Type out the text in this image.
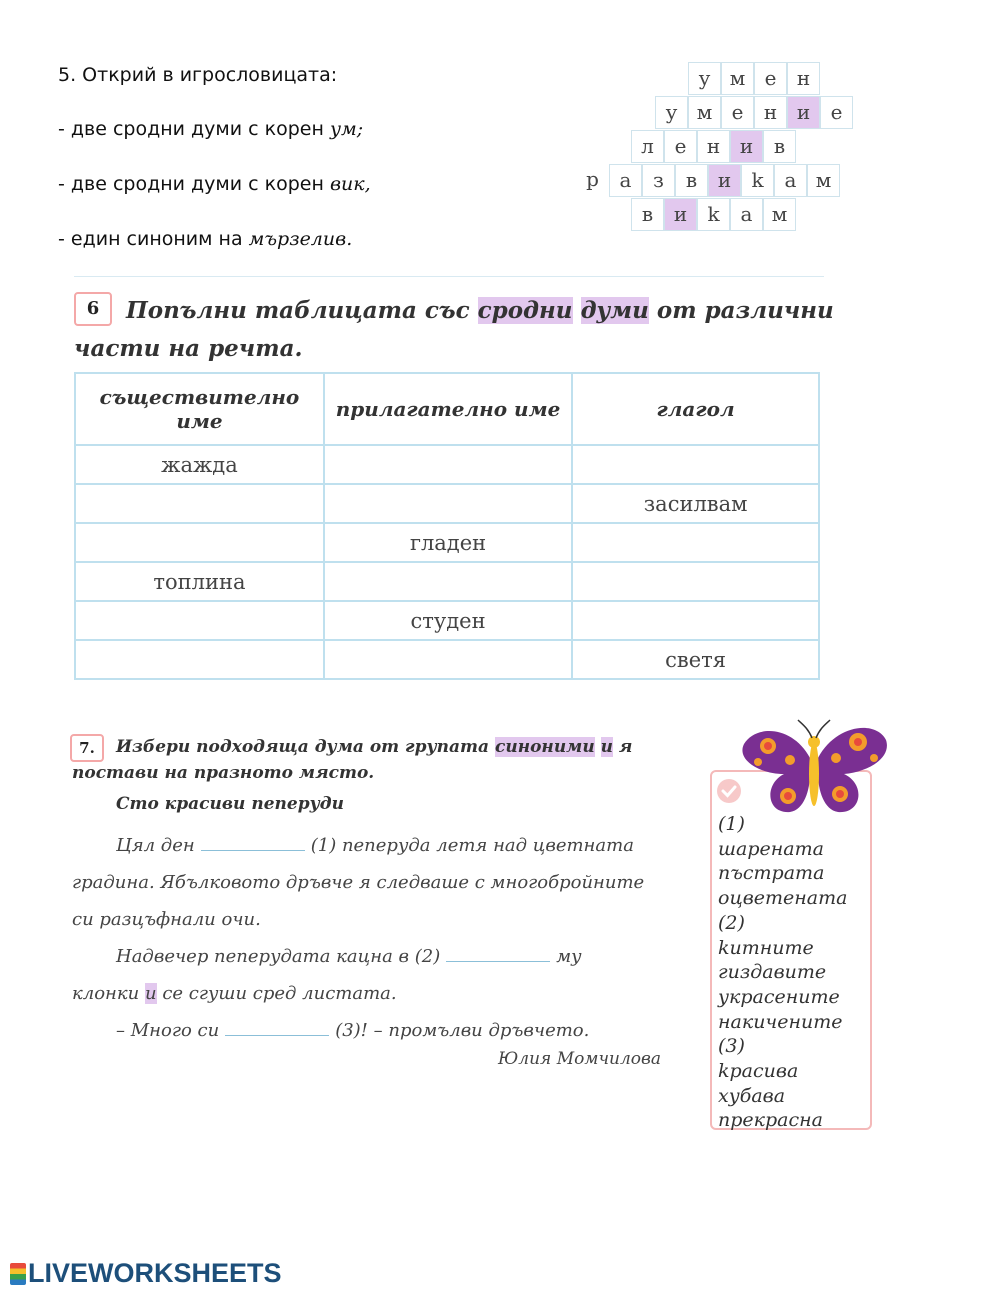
5. Открий в игрословицата:
- две сродни думи с корен ум;
- две сродни думи с корен вик,
- един синоним на мързелив.
у м е	н
у м е	н и	е
л	е	н и	в
р	а	з	в	и	k	а м
в	и	k	а м
6	Попълни таблицата със сродни думи от различни части на речта.
съществително име	прилагателно име	глагол
жажда		
		засилвам
	гладен	
топлина		
	студен	
		светя
7.	Избери подходяща дума от групата синоними и я постави на празното място.
Сто красиви пеперуди
Цял ден	(1) пеперуда летя над цветната
градина. Ябълковото дръвче я следваше с многобройните
си разцъфнали очи.
Надвечер пеперудата кацна в (2)	му
клонки и се сгуши сред листата.
– Много си	(3)! – промълви дръвчето.
Юлия Момчилова
(1)
шарената
пъстрата
оцветената
(2)
kитните
гиздавите
украсените
накичените
(3)
kрасива
хубава
прекрасна
LIVEWORKSHEETS
